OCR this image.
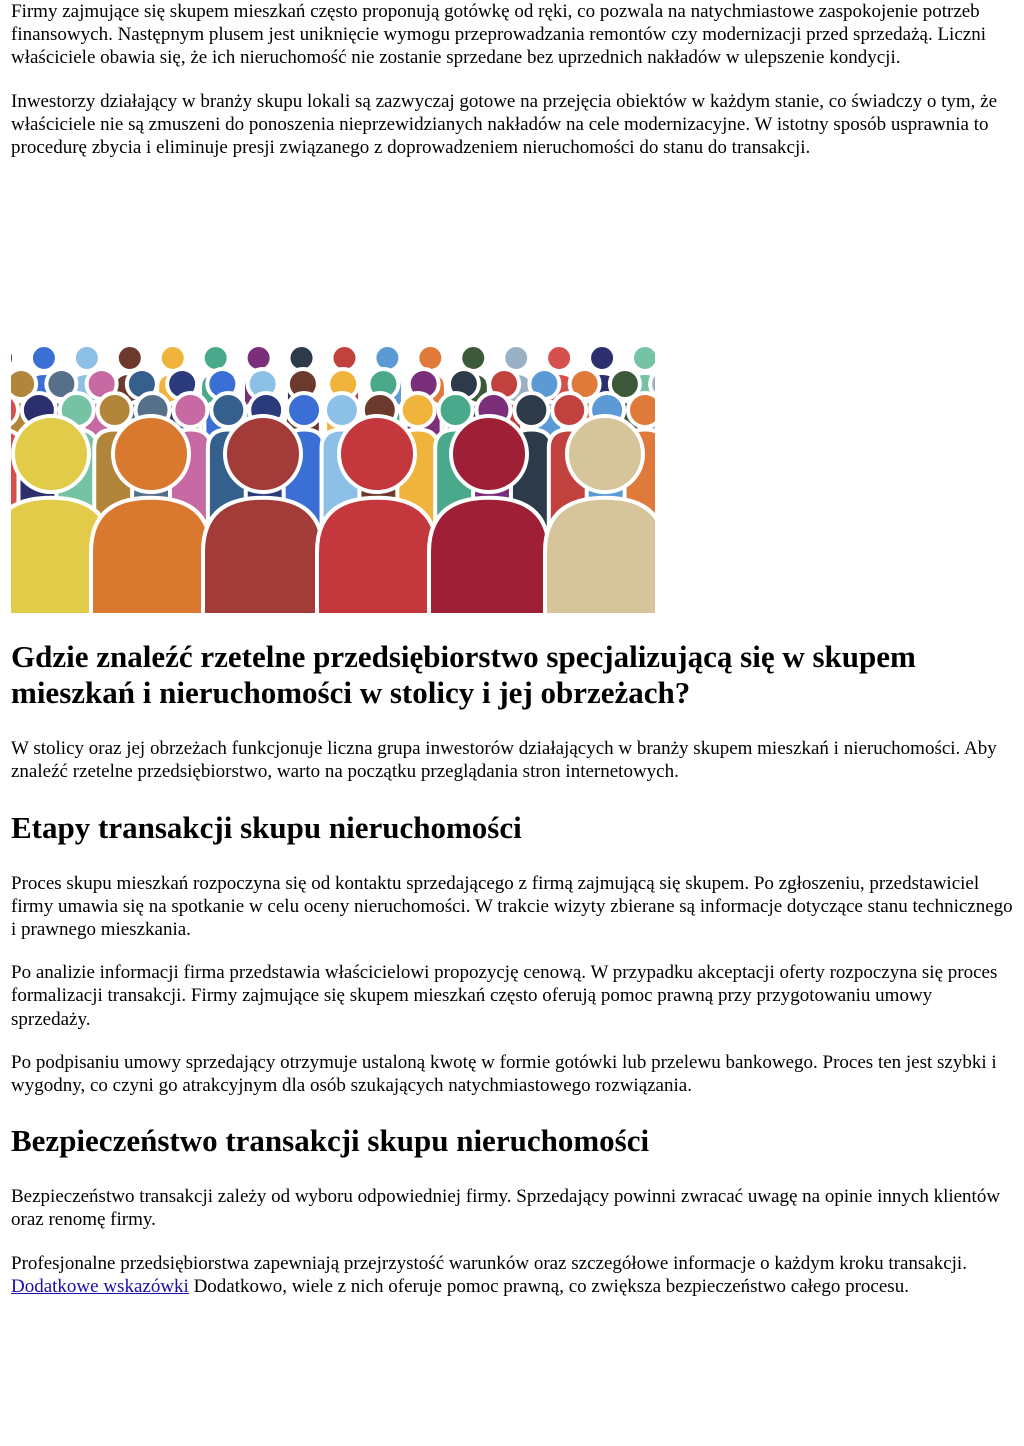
Firmy zajmujące się skupem mieszkań często proponują gotówkę od ręki, co pozwala na natychmiastowe zaspokojenie potrzeb finansowych. Następnym plusem jest uniknięcie wymogu przeprowadzania remontów czy modernizacji przed sprzedażą. Liczni właściciele obawia się, że ich nieruchomość nie zostanie sprzedane bez uprzednich nakładów w ulepszenie kondycji.

Inwestorzy działający w branży skupu lokali są zazwyczaj gotowe na przejęcia obiektów w każdym stanie, co świadczy o tym, że właściciele nie są zmuszeni do ponoszenia nieprzewidzianych nakładów na cele modernizacyjne. W istotny sposób usprawnia to procedurę zbycia i eliminuje presji związanego z doprowadzeniem nieruchomości do stanu do transakcji.

Gdzie znaleźć rzetelne przedsiębiorstwo specjalizującą się w skupem mieszkań i nieruchomości w stolicy i jej obrzeżach?

W stolicy oraz jej obrzeżach funkcjonuje liczna grupa inwestorów działających w branży skupem mieszkań i nieruchomości. Aby znaleźć rzetelne przedsiębiorstwo, warto na początku przeglądania stron internetowych.

Etapy transakcji skupu nieruchomości

Proces skupu mieszkań rozpoczyna się od kontaktu sprzedającego z firmą zajmującą się skupem. Po zgłoszeniu, przedstawiciel firmy umawia się na spotkanie w celu oceny nieruchomości. W trakcie wizyty zbierane są informacje dotyczące stanu technicznego i prawnego mieszkania.

Po analizie informacji firma przedstawia właścicielowi propozycję cenową. W przypadku akceptacji oferty rozpoczyna się proces formalizacji transakcji. Firmy zajmujące się skupem mieszkań często oferują pomoc prawną przy przygotowaniu umowy sprzedaży.

Po podpisaniu umowy sprzedający otrzymuje ustaloną kwotę w formie gotówki lub przelewu bankowego. Proces ten jest szybki i wygodny, co czyni go atrakcyjnym dla osób szukających natychmiastowego rozwiązania.

Bezpieczeństwo transakcji skupu nieruchomości

Bezpieczeństwo transakcji zależy od wyboru odpowiedniej firmy. Sprzedający powinni zwracać uwagę na opinie innych klientów oraz renomę firmy.

Profesjonalne przedsiębiorstwa zapewniają przejrzystość warunków oraz szczegółowe informacje o każdym kroku transakcji. Dodatkowe wskazówki Dodatkowo, wiele z nich oferuje pomoc prawną, co zwiększa bezpieczeństwo całego procesu.
